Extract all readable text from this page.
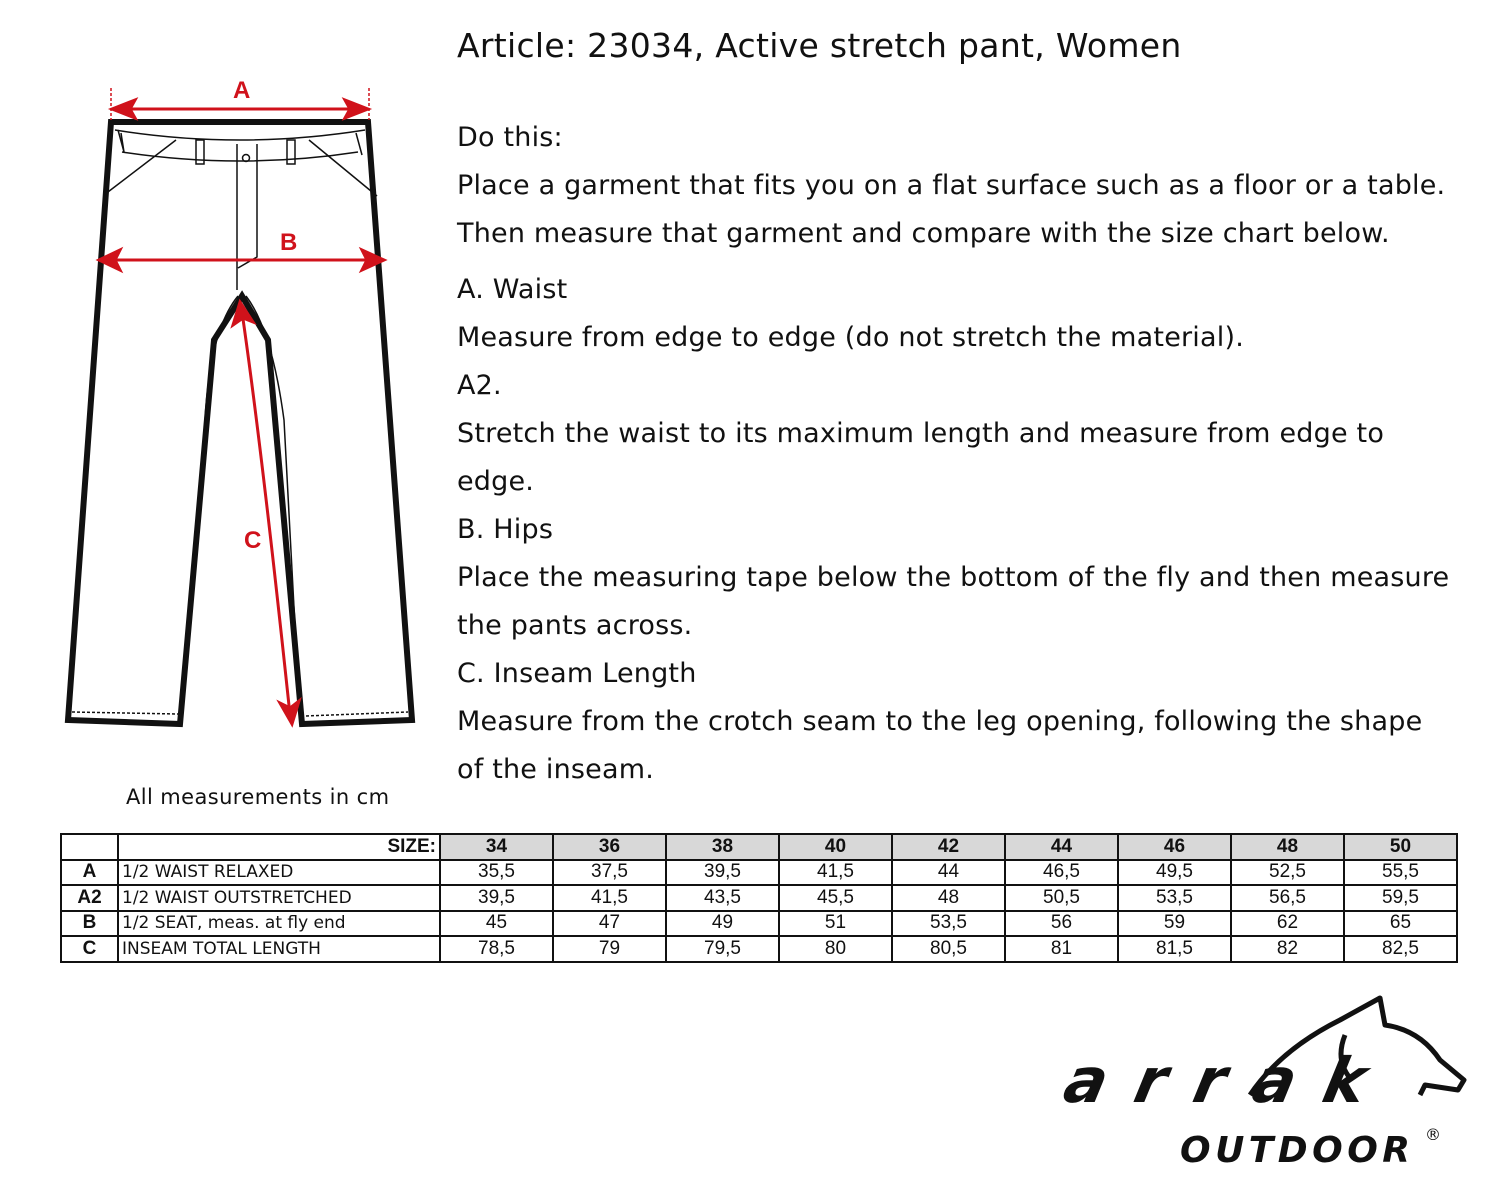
A
B
C
Article: 23034, Active stretch pant, Women
Do this:
Place a garment that fits you on a flat surface such as a floor or a table.
Then measure that garment and compare with the size chart below.
A. Waist
Measure from edge to edge (do not stretch the material).
A2.
Stretch the waist to its maximum length and measure from edge to
edge.
B. Hips
Place the measuring tape below the bottom of the fly and then measure
the pants across.
C. Inseam Length
Measure from the crotch seam to the leg opening, following the shape
of the inseam.
All measurements in cm
	SIZE:	34	36	38	40	42	44	46	48	50
A	1/2 WAIST RELAXED	35,5	37,5	39,5	41,5	44	46,5	49,5	52,5	55,5
A2	1/2 WAIST OUTSTRETCHED	39,5	41,5	43,5	45,5	48	50,5	53,5	56,5	59,5
B	1/2 SEAT, meas. at fly end	45	47	49	51	53,5	56	59	62	65
C	INSEAM TOTAL LENGTH	78,5	79	79,5	80	80,5	81	81,5	82	82,5
arrak
OUTDOOR ®
